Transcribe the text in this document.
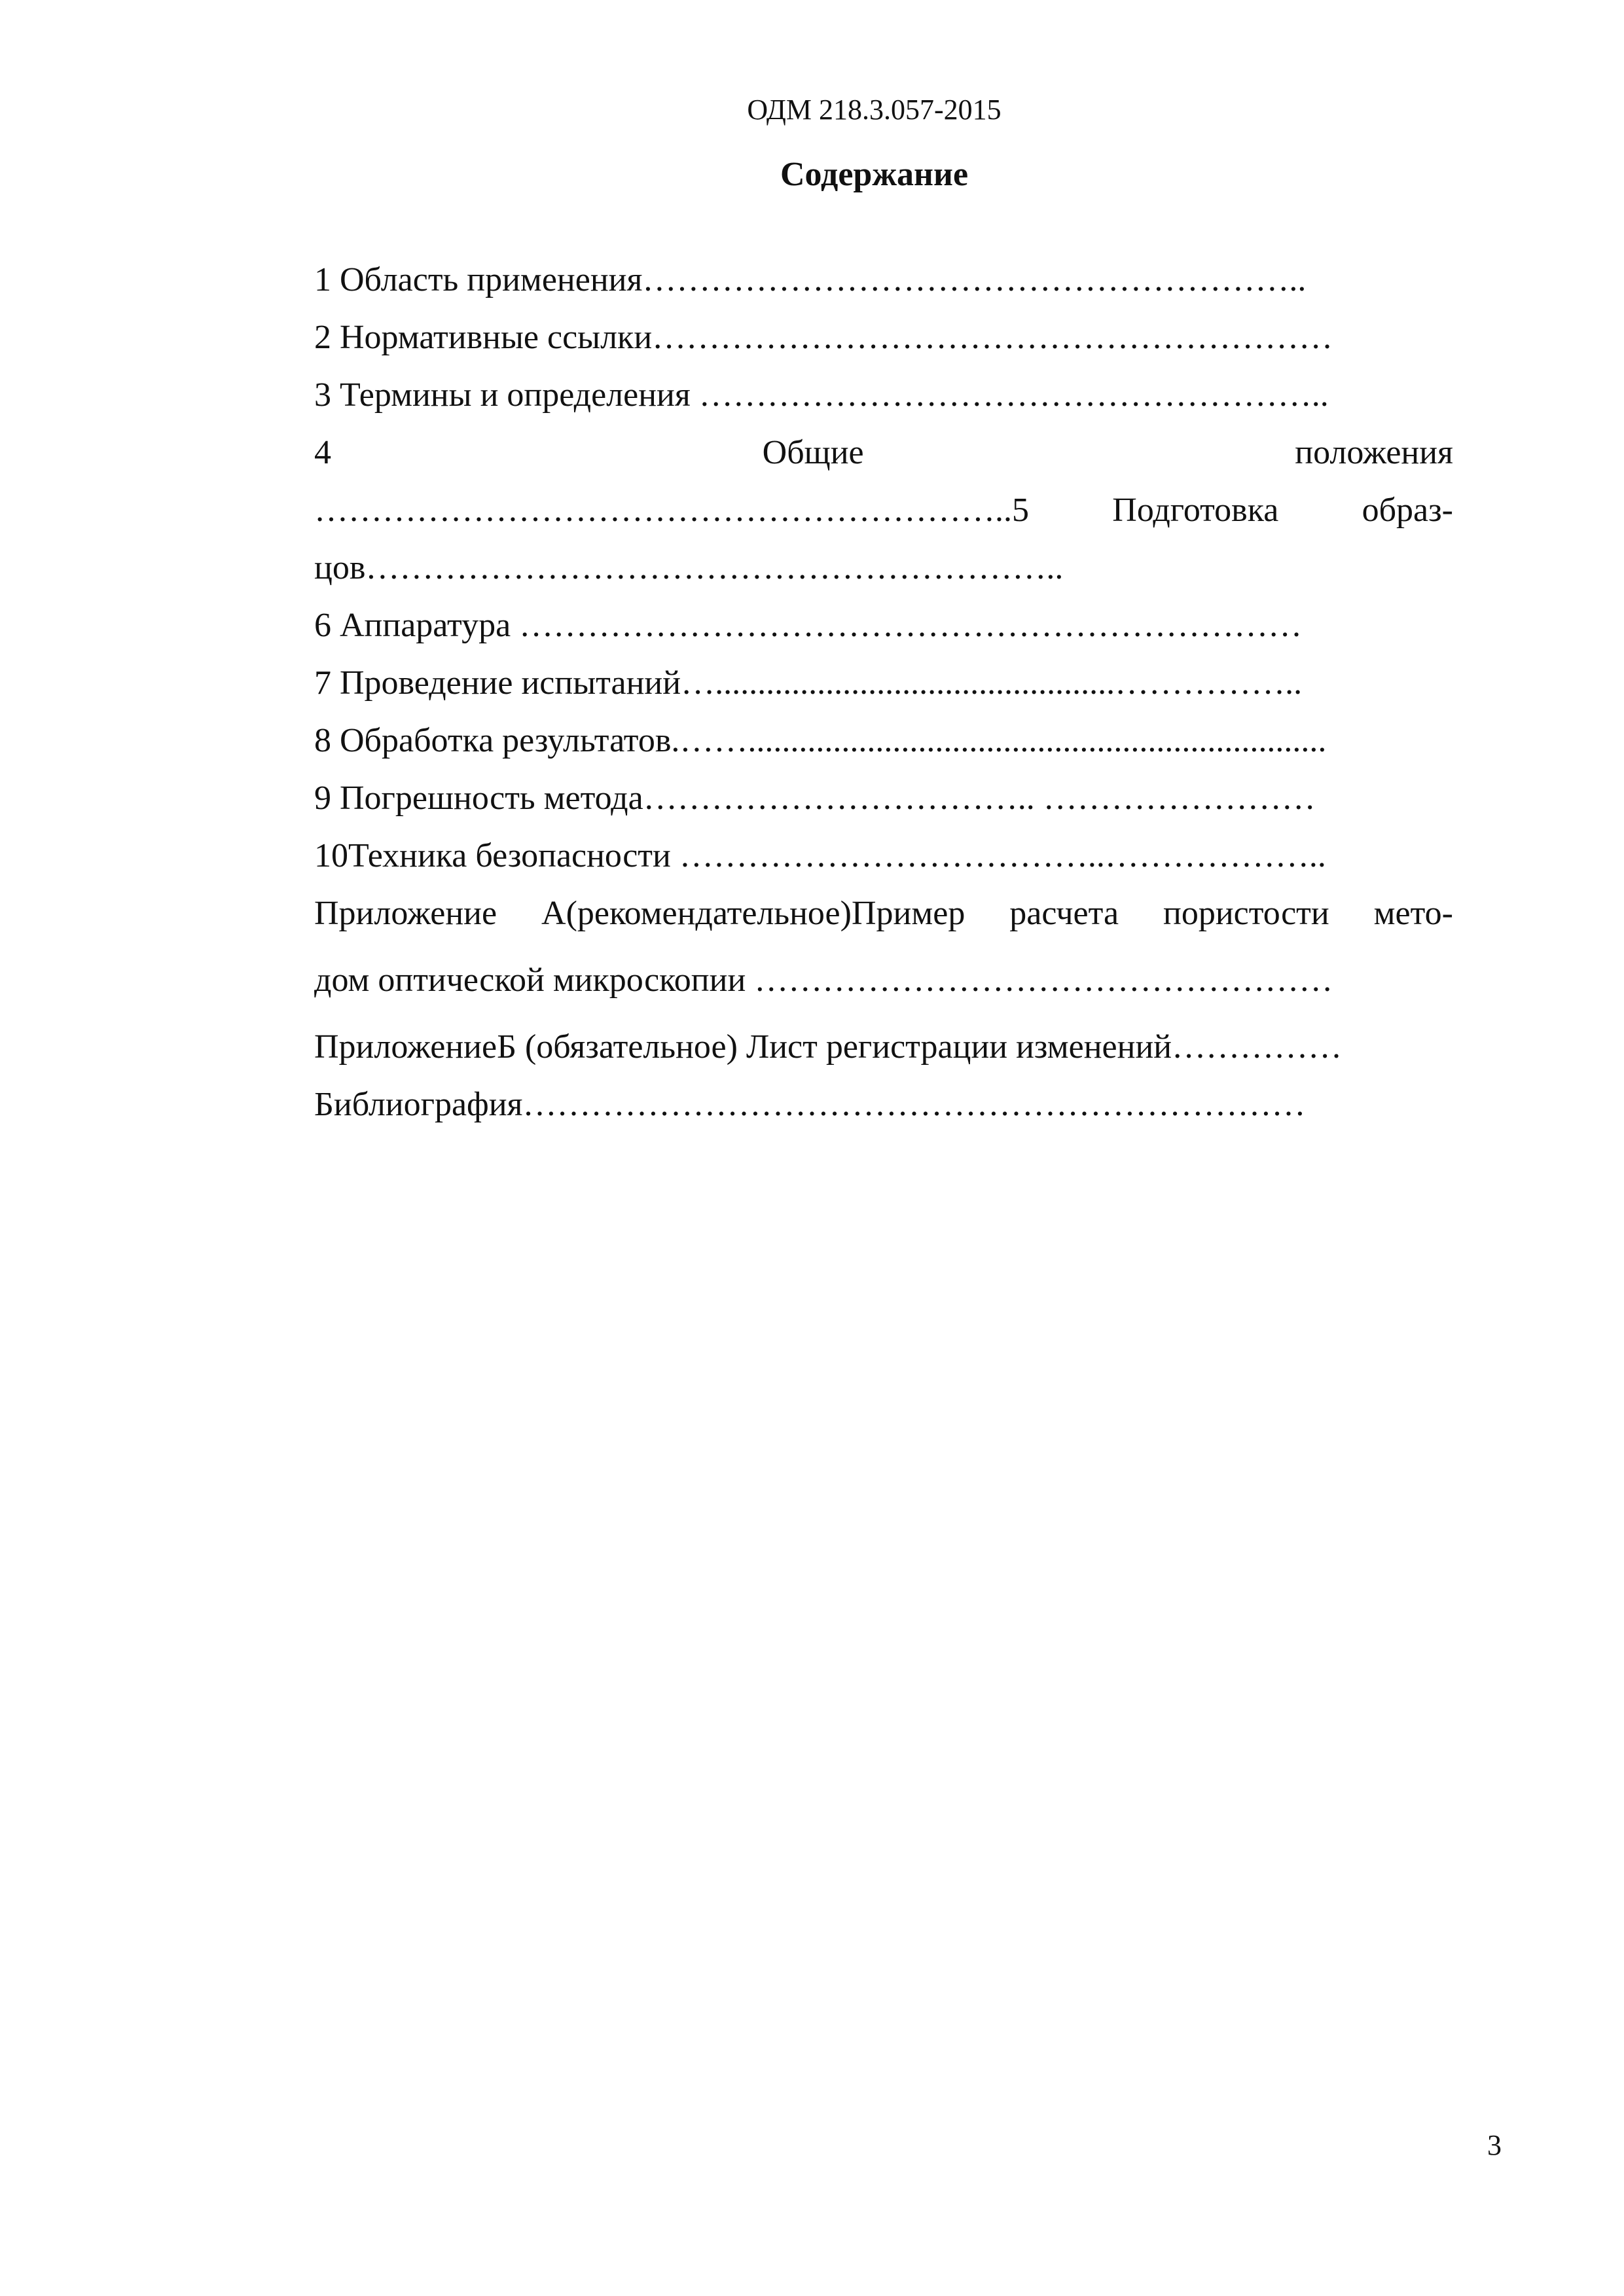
ОДМ 218.3.057-2015
Содержание
1 Область применения…………………………………………………..
2 Нормативные ссылки……………………………………………………
3 Термины и определения ………………………………………………..
4	Общие	положения
……………………………………………………..5 Подготовка образ-
цов……………………………………………………..
6 Аппаратура ……………………………………………………………
7 Проведение испытаний…...............................................……………..
8 Обработка результатов.……....................................................................
9 Погрешность метода…………………………….. ……………………
10Техника безопасности ………………………………..………………..
Приложение А(рекомендательное)Пример расчета пористости мето-
дом оптической микроскопии ……………………………………………
ПриложениеБ (обязательное) Лист регистрации изменений……………
Библиография……………………………………………………………
3
